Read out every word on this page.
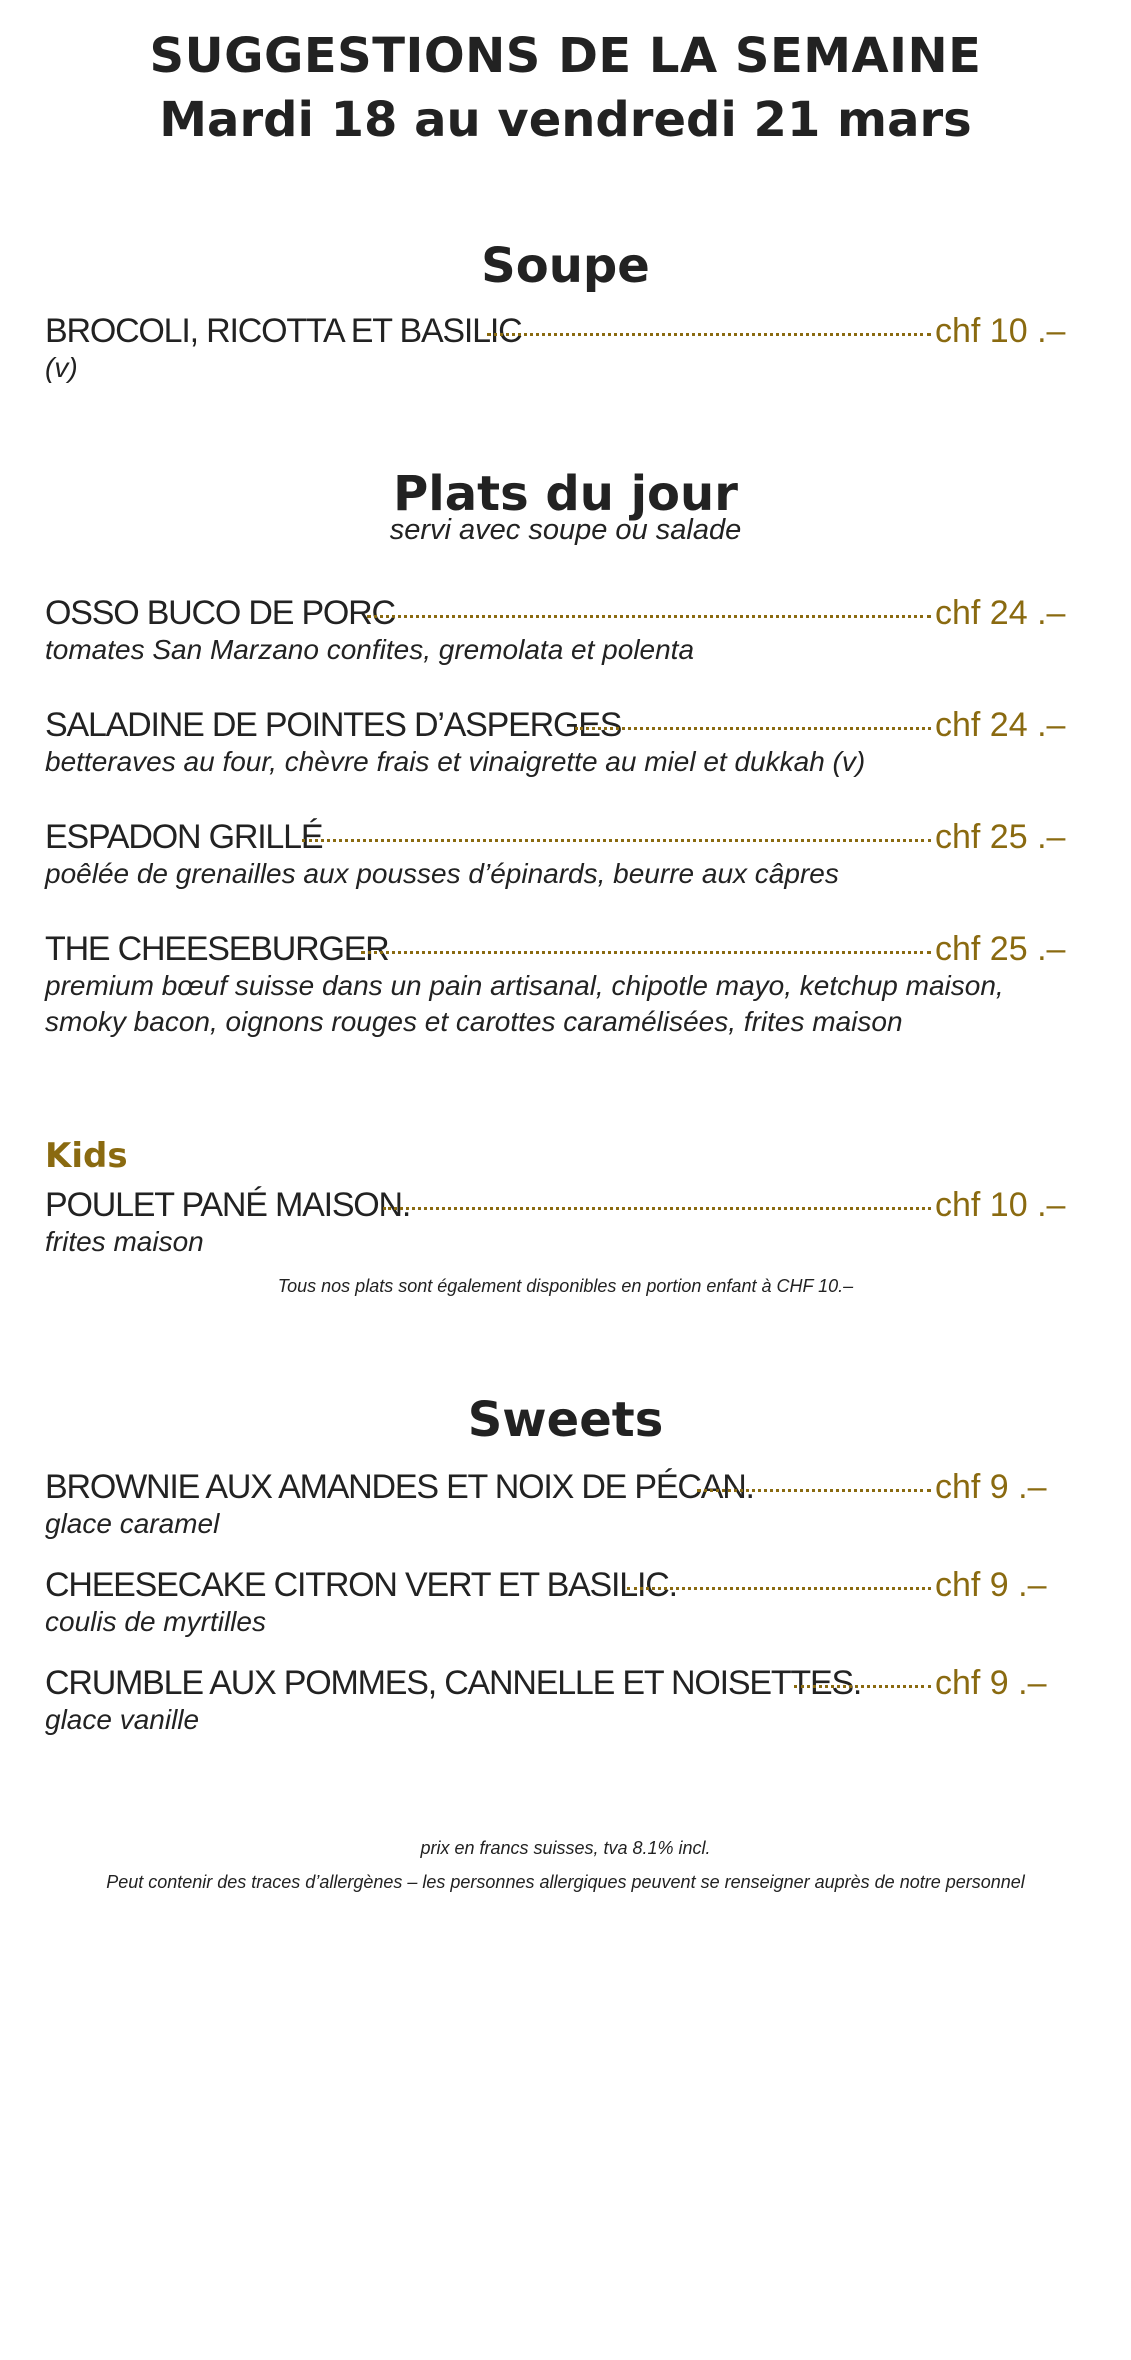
SUGGESTIONS DE LA SEMAINE
Mardi 18 au vendredi 21 mars
Soupe
BROCOLI, RICOTTA ET BASILIC	chf 10 .–
(v)
Plats du jour
servi avec soupe ou salade
OSSO BUCO DE PORC	chf 24 .–
tomates San Marzano confites, gremolata et polenta
SALADINE DE POINTES D’ASPERGES	chf 24 .–
betteraves au four, chèvre frais et vinaigrette au miel et dukkah (v)
ESPADON GRILLÉ	chf 25 .–
poêlée de grenailles aux pousses d’épinards, beurre aux câpres
THE CHEESEBURGER	chf 25 .–
premium bœuf suisse dans un pain artisanal, chipotle mayo, ketchup maison,
smoky bacon, oignons rouges et carottes caramélisées, frites maison
Kids
POULET PANÉ MAISON.	chf 10 .–
frites maison
Tous nos plats sont également disponibles en portion enfant à CHF 10.–
Sweets
BROWNIE AUX AMANDES ET NOIX DE PÉCAN.	chf 9 .–
glace caramel
CHEESECAKE CITRON VERT ET BASILIC.	chf 9 .–
coulis de myrtilles
CRUMBLE AUX POMMES, CANNELLE ET NOISETTES. chf 9 .–
glace vanille
prix en francs suisses, tva 8.1% incl.
Peut contenir des traces d’allergènes – les personnes allergiques peuvent se renseigner auprès de notre personnel
